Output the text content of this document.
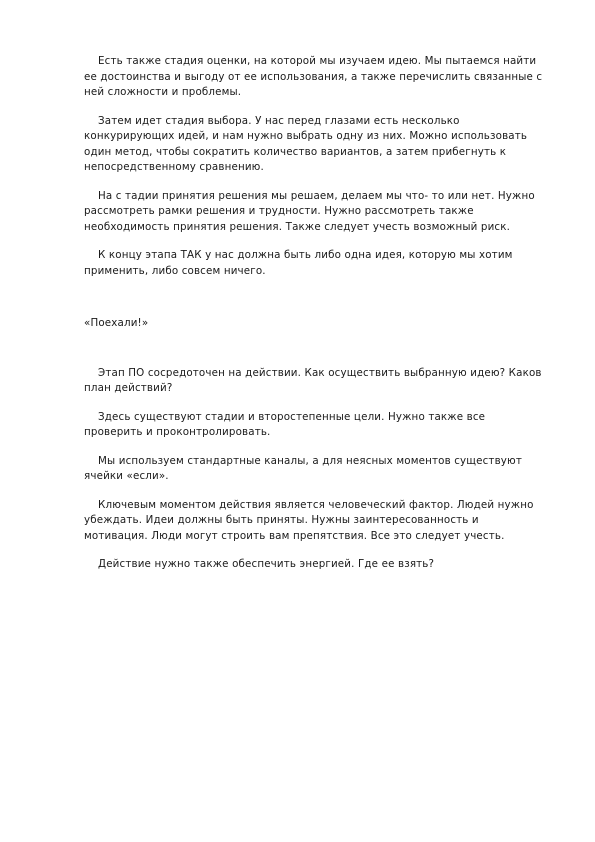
Есть также стадия оценки, на которой мы изучаем идею. Мы пытаемся найти ее достоинства и выгоду от ее использования, а также перечислить связанные с ней сложности и проблемы.

Затем идет стадия выбора. У нас перед глазами есть несколько конкурирующих идей, и нам нужно выбрать одну из них. Можно использовать один метод, чтобы сократить количество вариантов, а затем прибегнуть к непосредственному сравнению.

На с тадии принятия решения мы решаем, делаем мы что- то или нет. Нужно рассмотреть рамки решения и трудности. Нужно рассмотреть также необходимость принятия решения. Также следует учесть возможный риск.

К концу этапа ТАК у нас должна быть либо одна идея, которую мы хотим применить, либо совсем ничего.

«Поехали!»

Этап ПО сосредоточен на действии. Как осуществить выбранную идею? Каков план действий?

Здесь существуют стадии и второстепенные цели. Нужно также все проверить и проконтролировать.

Мы используем стандартные каналы, а для неясных моментов существуют ячейки «если».

Ключевым моментом действия является человеческий фактор. Людей нужно убеждать. Идеи должны быть приняты. Нужны заинтересованность и мотивация. Люди могут строить вам препятствия. Все это следует учесть.

Действие нужно также обеспечить энергией. Где ее взять?
